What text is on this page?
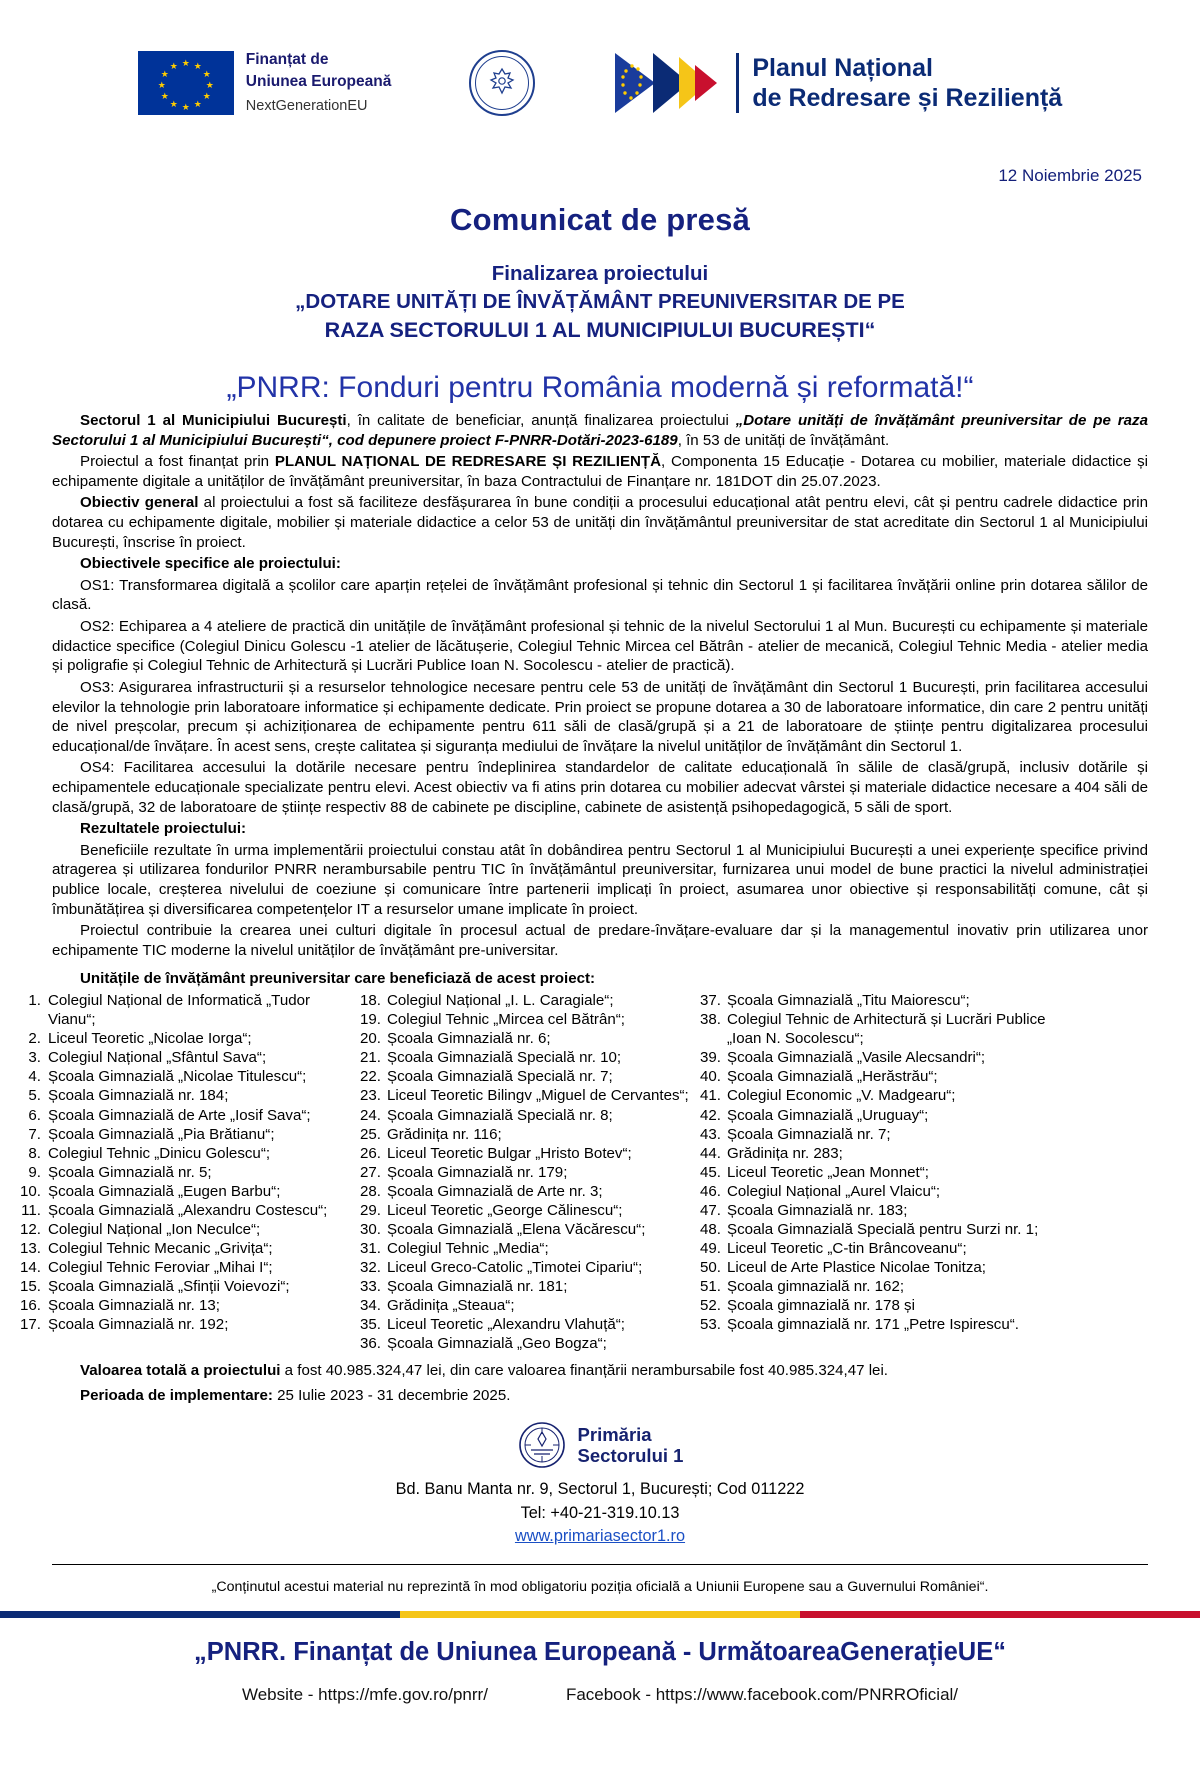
★ ★
★
★
★
★
★
★
★
★
★
★	Finanțat de
Uniunea Europeană
NextGenerationEU
Planul Național
de Redresare și Reziliență
12 Noiembrie 2025
Comunicat de presă
Finalizarea proiectului
„DOTARE UNITĂȚI DE ÎNVĂȚĂMÂNT PREUNIVERSITAR DE PE
RAZA SECTORULUI 1 AL MUNICIPIULUI BUCUREȘTI“
„PNRR: Fonduri pentru România modernă și reformată!“

Sectorul 1 al Municipiului București, în calitate de beneficiar, anunță finalizarea proiectului „Dotare unități de învățământ preuniversitar de pe raza Sectorului 1 al Municipiului București“, cod depunere proiect F-PNRR-Dotări-2023-6189, în 53 de unități de învățământ.

Proiectul a fost finanțat prin PLANUL NAȚIONAL DE REDRESARE ȘI REZILIENȚĂ, Componenta 15 Educație - Dotarea cu mobilier, materiale didactice și echipamente digitale a unităților de învățământ preuniversitar, în baza Contractului de Finanțare nr. 181DOT din 25.07.2023.

Obiectiv general al proiectului a fost să faciliteze desfășurarea în bune condiții a procesului educațional atât pentru elevi, cât și pentru cadrele didactice prin dotarea cu echipamente digitale, mobilier și materiale didactice a celor 53 de unități din învățământul preuniversitar de stat acreditate din Sectorul 1 al Municipiului București, înscrise în proiect.

Obiectivele specifice ale proiectului:

OS1: Transformarea digitală a școlilor care aparțin rețelei de învățământ profesional și tehnic din Sectorul 1 și facilitarea învățării online prin dotarea sălilor de clasă.

OS2: Echiparea a 4 ateliere de practică din unitățile de învățământ profesional și tehnic de la nivelul Sectorului 1 al Mun. București cu echipamente și materiale didactice specifice (Colegiul Dinicu Golescu -1 atelier de lăcătușerie, Colegiul Tehnic Mircea cel Bătrân - atelier de mecanică, Colegiul Tehnic Media - atelier media și poligrafie și Colegiul Tehnic de Arhitectură și Lucrări Publice Ioan N. Socolescu - atelier de practică).

OS3: Asigurarea infrastructurii și a resurselor tehnologice necesare pentru cele 53 de unități de învățământ din Sectorul 1 București, prin facilitarea accesului elevilor la tehnologie prin laboratoare informatice și echipamente dedicate. Prin proiect se propune dotarea a 30 de laboratoare informatice, din care 2 pentru unități de nivel preșcolar, precum și achiziționarea de echipamente pentru 611 săli de clasă/grupă și a 21 de laboratoare de științe pentru digitalizarea procesului educațional/de învățare. În acest sens, crește calitatea și siguranța mediului de învățare la nivelul unităților de învățământ din Sectorul 1.

OS4: Facilitarea accesului la dotările necesare pentru îndeplinirea standardelor de calitate educațională în sălile de clasă/grupă, inclusiv dotările și echipamentele educaționale specializate pentru elevi. Acest obiectiv va fi atins prin dotarea cu mobilier adecvat vârstei și materiale didactice necesare a 404 săli de clasă/grupă, 32 de laboratoare de științe respectiv 88 de cabinete pe discipline, cabinete de asistență psihopedagogică, 5 săli de sport.

Rezultatele proiectului:

Beneficiile rezultate în urma implementării proiectului constau atât în dobândirea pentru Sectorul 1 al Municipiului București a unei experiențe specifice privind atragerea și utilizarea fondurilor PNRR nerambursabile pentru TIC în învățământul preuniversitar, furnizarea unui model de bune practici la nivelul administrației publice locale, creșterea nivelului de coeziune și comunicare între partenerii implicați în proiect, asumarea unor obiective și responsabilități comune, cât și îmbunătățirea și diversificarea competențelor IT a resurselor umane implicate în proiect.

Proiectul contribuie la crearea unei culturi digitale în procesul actual de predare-învățare-evaluare dar și la managementul inovativ prin utilizarea unor echipamente TIC moderne la nivelul unităților de învățământ pre-universitar.

Unitățile de învățământ preuniversitar care beneficiază de acest proiect:
1. Colegiul Național de Informatică „Tudor Vianu“;
2. Liceul Teoretic „Nicolae Iorga“;
3. Colegiul Național „Sfântul Sava“;
4. Școala Gimnazială „Nicolae Titulescu“;
5. Școala Gimnazială nr. 184;
6. Școala Gimnazială de Arte „Iosif Sava“;
7. Școala Gimnazială „Pia Brătianu“;
8. Colegiul Tehnic „Dinicu Golescu“;
9. Școala Gimnazială nr. 5;
10. Școala Gimnazială „Eugen Barbu“;
11. Școala Gimnazială „Alexandru Costescu“;
12. Colegiul Național „Ion Neculce“;
13. Colegiul Tehnic Mecanic „Grivița“;
14. Colegiul Tehnic Feroviar „Mihai I“;
15. Școala Gimnazială „Sfinții Voievozi“;
16. Școala Gimnazială nr. 13;
17. Școala Gimnazială nr. 192;
18. Colegiul Național „I. L. Caragiale“;
19. Colegiul Tehnic „Mircea cel Bătrân“;
20. Școala Gimnazială nr. 6;
21. Școala Gimnazială Specială nr. 10;
22. Școala Gimnazială Specială nr. 7;
23. Liceul Teoretic Bilingv „Miguel de Cervantes“;
24. Școala Gimnazială Specială nr. 8;
25. Grădinița nr. 116;
26. Liceul Teoretic Bulgar „Hristo Botev“;
27. Școala Gimnazială nr. 179;
28. Școala Gimnazială de Arte nr. 3;
29. Liceul Teoretic „George Călinescu“;
30. Școala Gimnazială „Elena Văcărescu“;
31. Colegiul Tehnic „Media“;
32. Liceul Greco-Catolic „Timotei Cipariu“;
33. Școala Gimnazială nr. 181;
34. Grădinița „Steaua“;
35. Liceul Teoretic „Alexandru Vlahuță“;
36. Școala Gimnazială „Geo Bogza“;
37. Școala Gimnazială „Titu Maiorescu“;
38. Colegiul Tehnic de Arhitectură și Lucrări Publice „Ioan N. Socolescu“;
39. Școala Gimnazială „Vasile Alecsandri“;
40. Școala Gimnazială „Herăstrău“;
41. Colegiul Economic „V. Madgearu“;
42. Școala Gimnazială „Uruguay“;
43. Școala Gimnazială nr. 7;
44. Grădinița nr. 283;
45. Liceul Teoretic „Jean Monnet“;
46. Colegiul Național „Aurel Vlaicu“;
47. Școala Gimnazială nr. 183;
48. Școala Gimnazială Specială pentru Surzi nr. 1;
49. Liceul Teoretic „C-tin Brâncoveanu“;
50. Liceul de Arte Plastice Nicolae Tonitza;
51. Școala gimnazială nr. 162;
52. Școala gimnazială nr. 178 și
53. Școala gimnazială nr. 171 „Petre Ispirescu“.

Valoarea totală a proiectului a fost 40.985.324,47 lei, din care valoarea finanțării nerambursabile fost 40.985.324,47 lei.

Perioada de implementare: 25 Iulie 2023 - 31 decembrie 2025.

Primăria
Sectorului 1
Bd. Banu Manta nr. 9, Sectorul 1, București; Cod 011222
Tel: +40-21-319.10.13
www.primariasector1.ro
„Conținutul acestui material nu reprezintă în mod obligatoriu poziția oficială a Uniunii Europene sau a Guvernului României“.
„PNRR. Finanțat de Uniunea Europeană - UrmătoareaGenerațieUE“
Website - https://mfe.gov.ro/pnrr/	Facebook - https://www.facebook.com/PNRROficial/
